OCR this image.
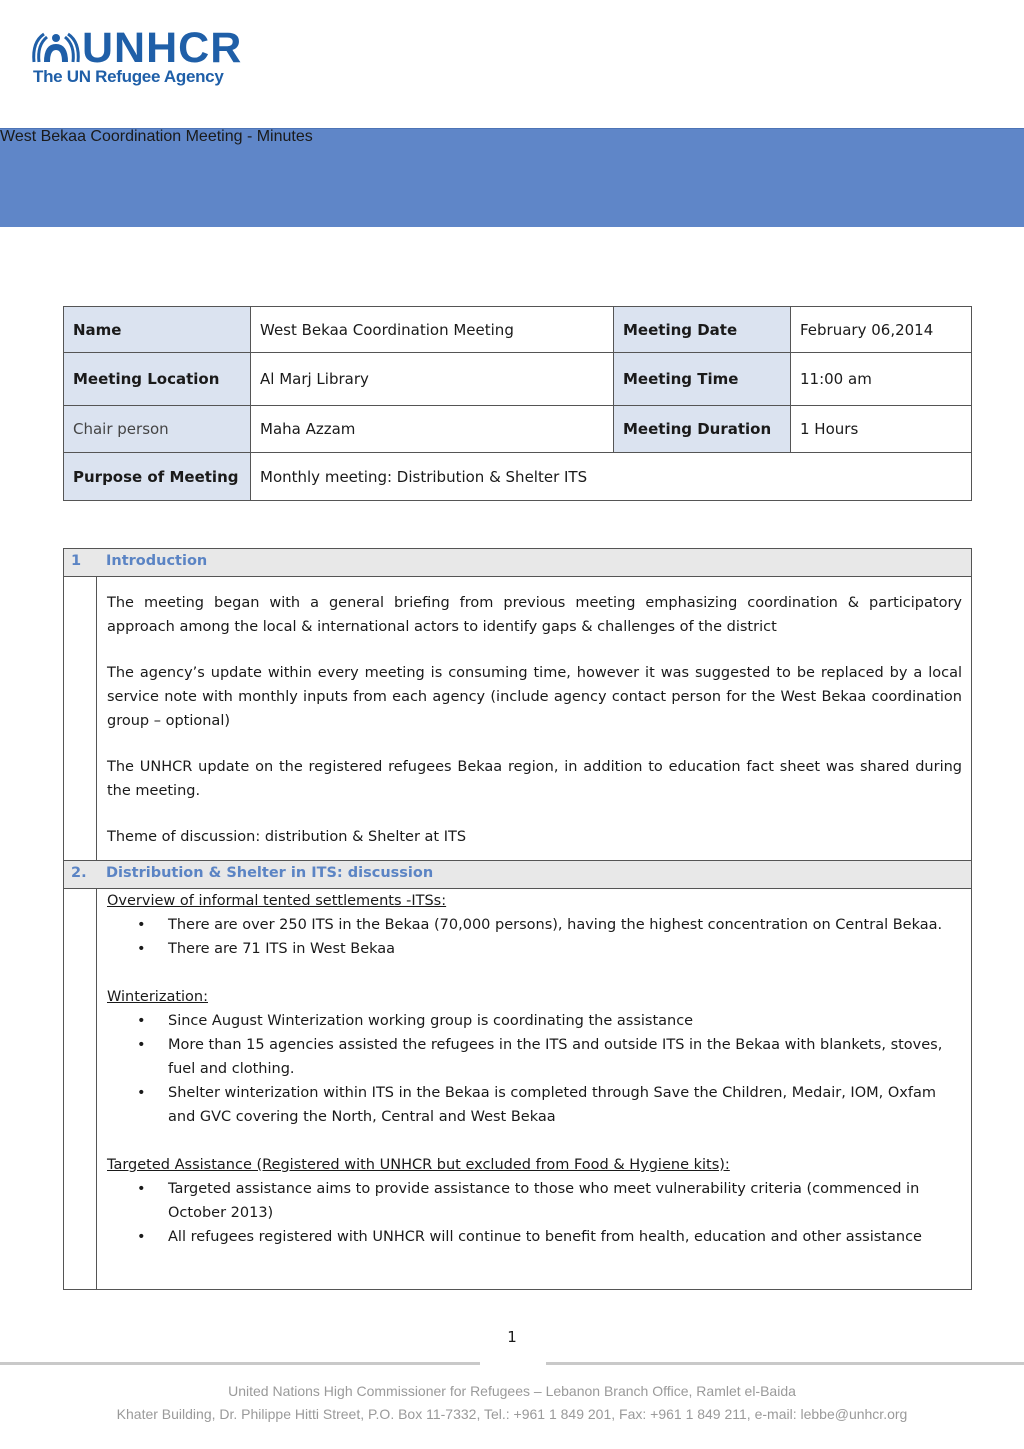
UNHCR
The UN Refugee Agency
West Bekaa Coordination Meeting - Minutes
Name	West Bekaa Coordination Meeting	Meeting Date	February 06,2014
Meeting Location	Al Marj Library	Meeting Time	11:00 am
Chair person	Maha Azzam	Meeting Duration	1 Hours
Purpose of Meeting	Monthly meeting: Distribution & Shelter ITS		
1 Introduction

The meeting began with a general briefing from previous meeting emphasizing coordination & participatory approach among the local & international actors to identify gaps & challenges of the district

The agency’s update within every meeting is consuming time, however it was suggested to be replaced by a local service note with monthly inputs from each agency (include agency contact person for the West Bekaa coordination group – optional)

The UNHCR update on the registered refugees Bekaa region, in addition to education fact sheet was shared during the meeting.

Theme of discussion: distribution & Shelter at ITS

2. Distribution & Shelter in ITS: discussion
Overview of informal tented settlements -ITSs:
• There are over 250 ITS in the Bekaa (70,000 persons), having the highest concentration on Central Bekaa.
• There are 71 ITS in West Bekaa
Winterization:
• Since August Winterization working group is coordinating the assistance
• More than 15 agencies assisted the refugees in the ITS and outside ITS in the Bekaa with blankets, stoves, fuel and clothing.
• Shelter winterization within ITS in the Bekaa is completed through Save the Children, Medair, IOM, Oxfam and GVC covering the North, Central and West Bekaa
Targeted Assistance (Registered with UNHCR but excluded from Food & Hygiene kits):
• Targeted assistance aims to provide assistance to those who meet vulnerability criteria (commenced in October 2013)
• All refugees registered with UNHCR will continue to benefit from health, education and other assistance
1
United Nations High Commissioner for Refugees – Lebanon Branch Office, Ramlet el-Baida
Khater Building, Dr. Philippe Hitti Street, P.O. Box 11-7332, Tel.: +961 1 849 201, Fax: +961 1 849 211, e-mail: lebbe@unhcr.org
